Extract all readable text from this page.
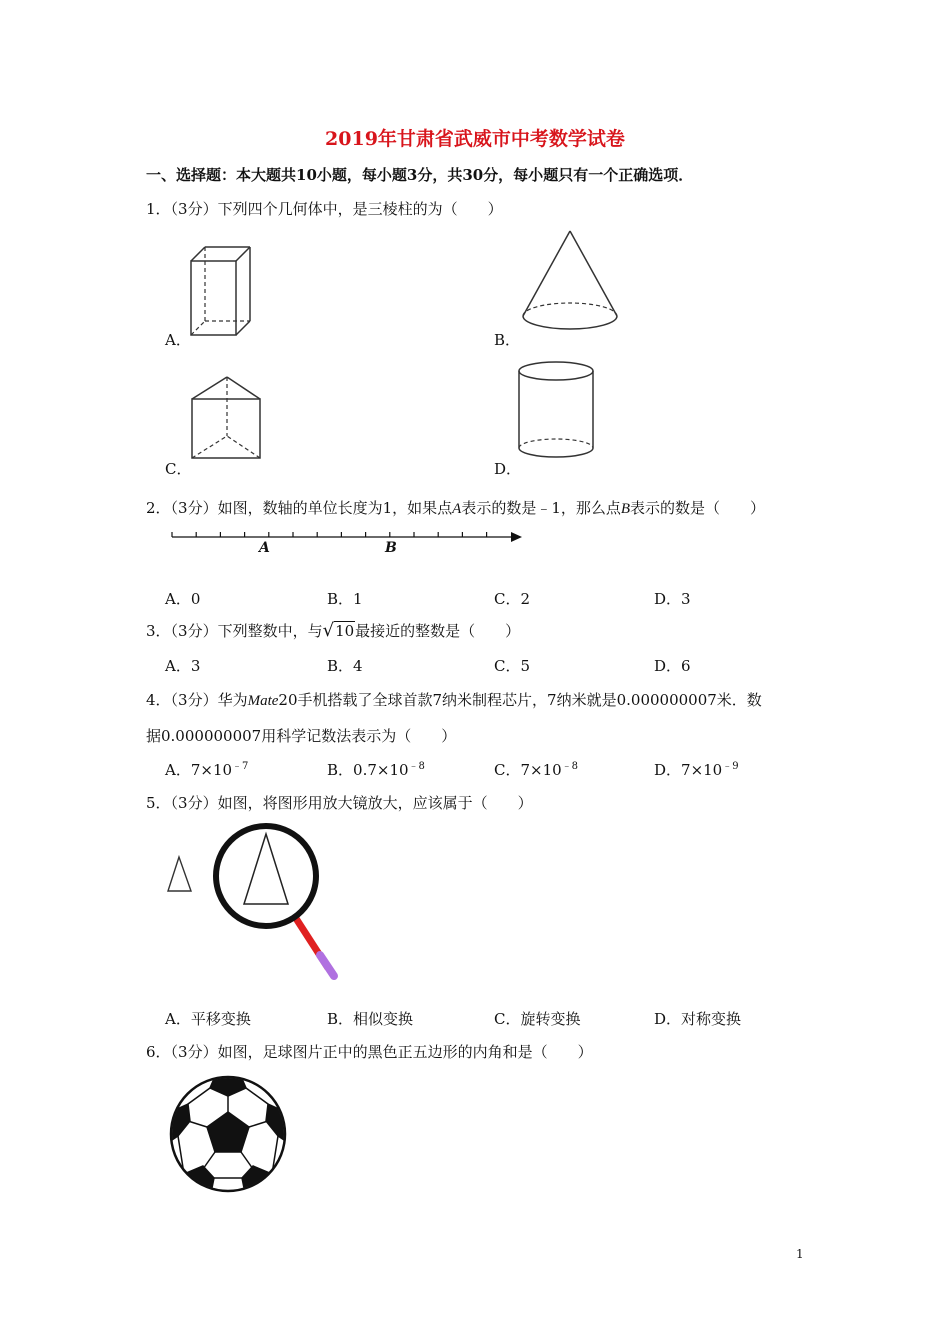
2019年甘肃省武威市中考数学试卷
一、选择题：本大题共10小题，每小题3分，共30分，每小题只有一个正确选项．
1．（3分）下列四个几何体中，是三棱柱的为（　　）
A．	B．
C．	D．
2．（3分）如图，数轴的单位长度为1，如果点A表示的数是﹣1，那么点B表示的数是（　　）
A	B
A．0	B．1	C．2	D．3
3．（3分）下列整数中，与√10最接近的整数是（　　）
A．3	B．4	C．5	D．6
4．（3分）华为Mate20手机搭载了全球首款7纳米制程芯片，7纳米就是0.000000007米．数
据0.000000007用科学记数法表示为（　　）
A．$7\times 10^{﹣7}$	B．$0.7\times 10^{﹣8}$	C．$7\times 10^{﹣8}$	D．$7\times 10^{﹣9}$
5．（3分）如图，将图形用放大镜放大，应该属于（　　）
A．平移变换	B．相似变换	C．旋转变换	D．对称变换
6．（3分）如图，足球图片正中的黑色正五边形的内角和是（　　）
1
